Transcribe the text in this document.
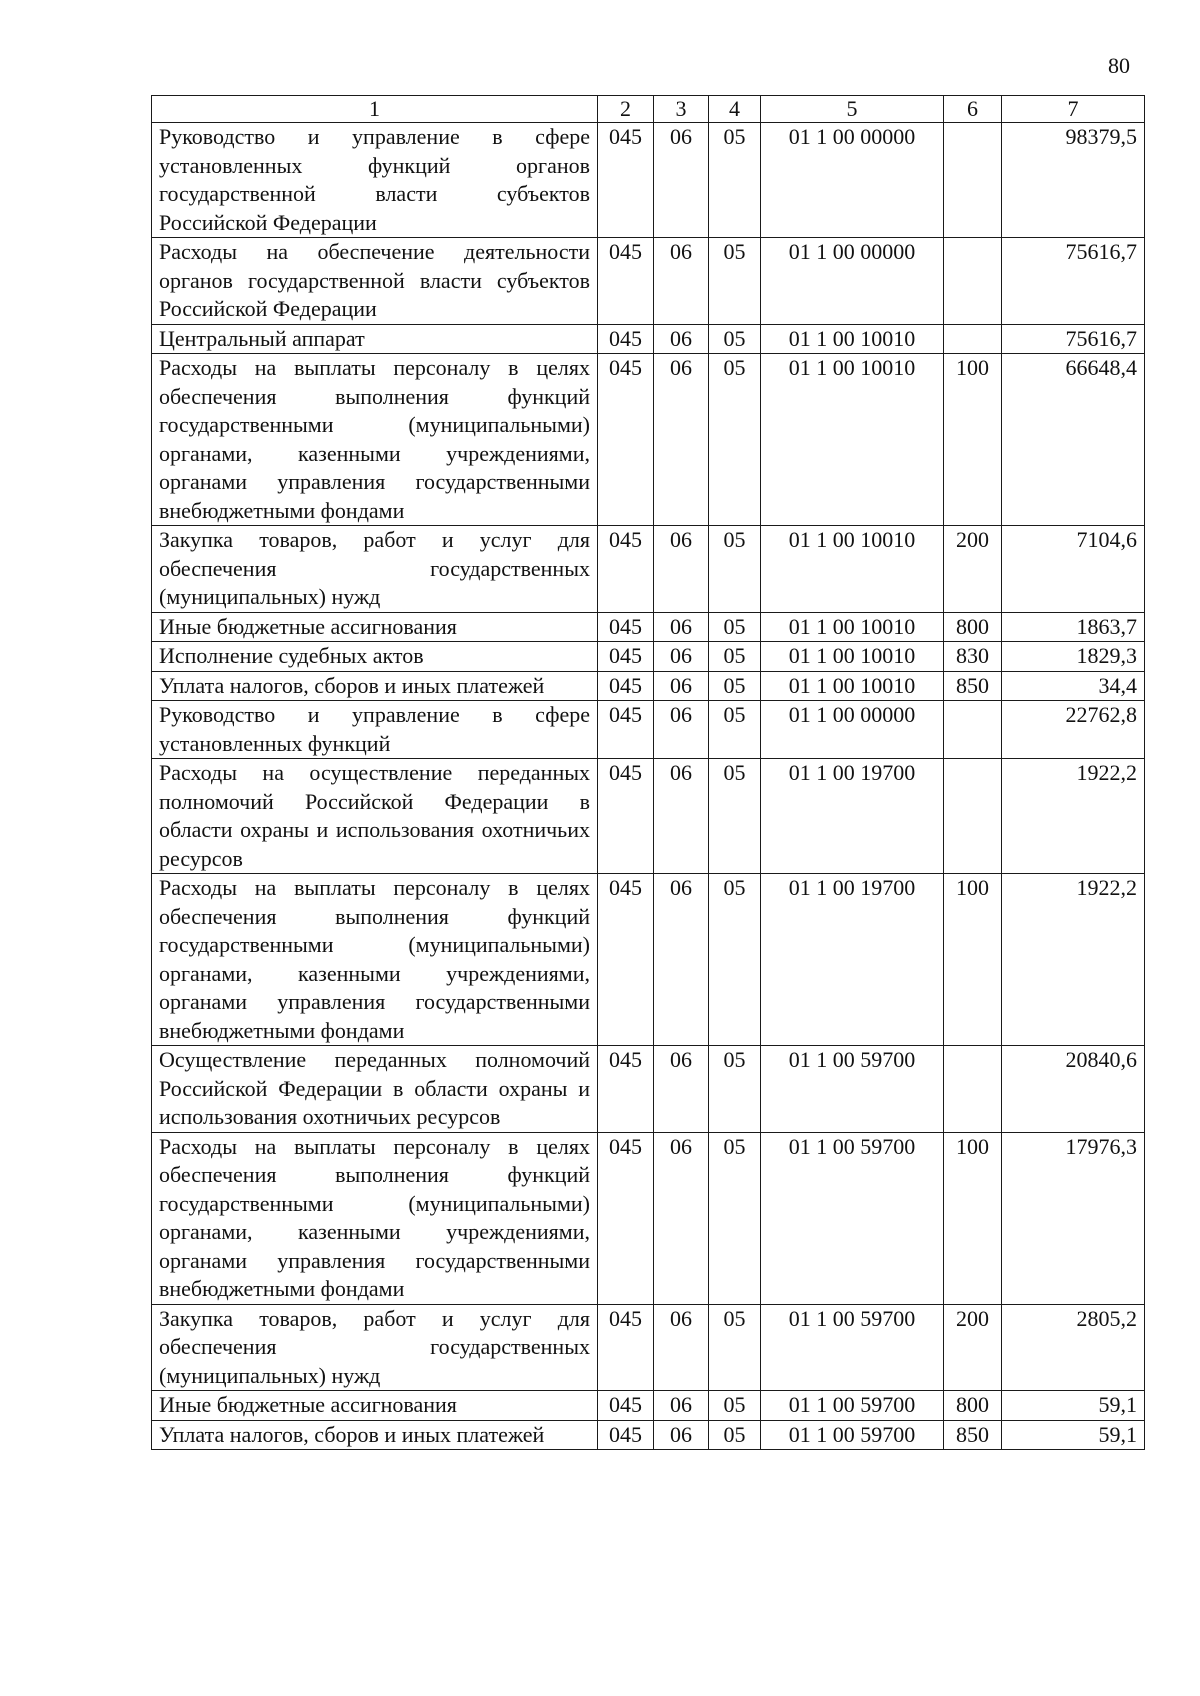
80
1	2	3	4	5	6	7
Руководство и управление в сфере установленных функций органов государственной власти субъектов Российской Федерации	045	06	05	01 1 00 00000		98379,5
Расходы на обеспечение деятельности органов государственной власти субъектов Российской Федерации	045	06	05	01 1 00 00000		75616,7
Центральный аппарат	045	06	05	01 1 00 10010		75616,7
Расходы на выплаты персоналу в целях обеспечения выполнения функций государственными (муниципальными) органами, казенными учреждениями, органами управления государственными внебюджетными фондами	045	06	05	01 1 00 10010	100	66648,4
Закупка товаров, работ и услуг для обеспечения государственных (муниципальных) нужд	045	06	05	01 1 00 10010	200	7104,6
Иные бюджетные ассигнования	045	06	05	01 1 00 10010	800	1863,7
Исполнение судебных актов	045	06	05	01 1 00 10010	830	1829,3
Уплата налогов, сборов и иных платежей	045	06	05	01 1 00 10010	850	34,4
Руководство и управление в сфере установленных функций	045	06	05	01 1 00 00000		22762,8
Расходы на осуществление переданных полномочий Российской Федерации в области охраны и использования охотничьих ресурсов	045	06	05	01 1 00 19700		1922,2
Расходы на выплаты персоналу в целях обеспечения выполнения функций государственными (муниципальными) органами, казенными учреждениями, органами управления государственными внебюджетными фондами	045	06	05	01 1 00 19700	100	1922,2
Осуществление переданных полномочий Российской Федерации в области охраны и использования охотничьих ресурсов	045	06	05	01 1 00 59700		20840,6
Расходы на выплаты персоналу в целях обеспечения выполнения функций государственными (муниципальными) органами, казенными учреждениями, органами управления государственными внебюджетными фондами	045	06	05	01 1 00 59700	100	17976,3
Закупка товаров, работ и услуг для обеспечения государственных (муниципальных) нужд	045	06	05	01 1 00 59700	200	2805,2
Иные бюджетные ассигнования	045	06	05	01 1 00 59700	800	59,1
Уплата налогов, сборов и иных платежей	045	06	05	01 1 00 59700	850	59,1
